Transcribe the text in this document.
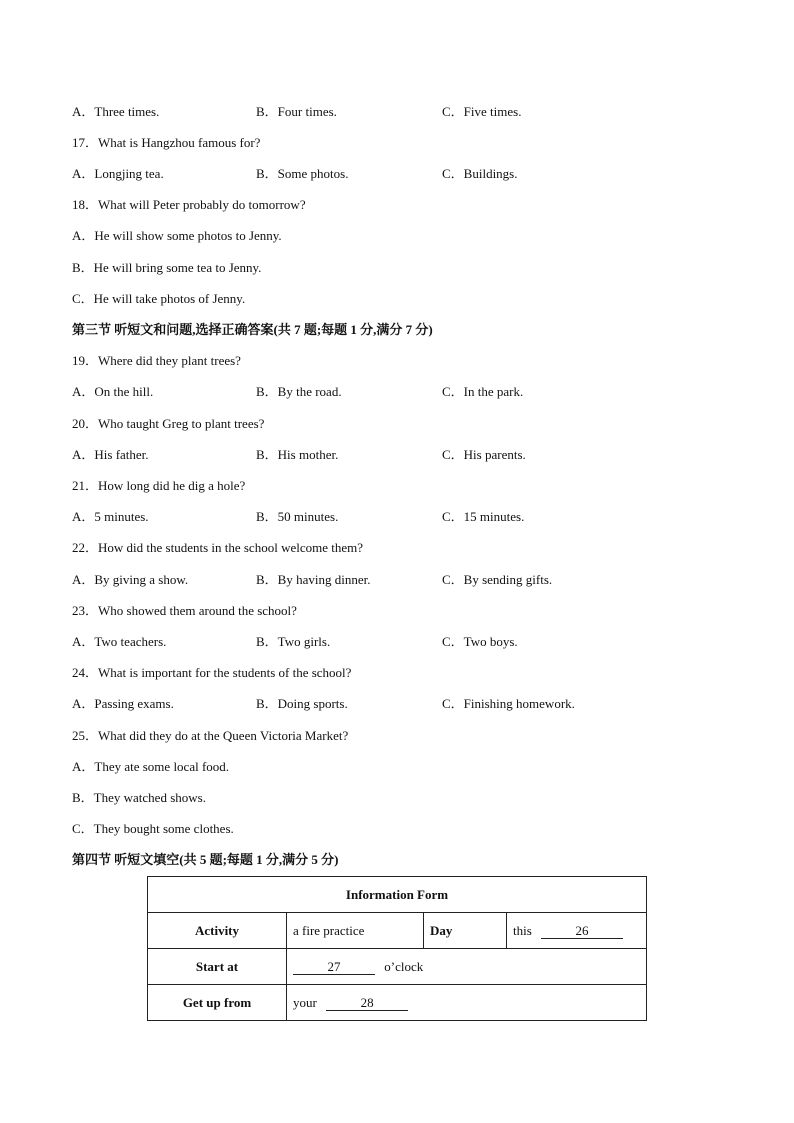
A．Three times.	B．Four times.	C．Five times.
17．What is Hangzhou famous for?
A．Longjing tea.	B．Some photos.	C．Buildings.
18．What will Peter probably do tomorrow?
A．He will show some photos to Jenny.
B．He will bring some tea to Jenny.
C．He will take photos of Jenny.
第三节 听短文和问题,选择正确答案(共 7 题;每题 1 分,满分 7 分)
19．Where did they plant trees?
A．On the hill.	B．By the road.	C．In the park.
20．Who taught Greg to plant trees?
A．His father.	B．His mother.	C．His parents.
21．How long did he dig a hole?
A．5 minutes.	B．50 minutes.	C．15 minutes.
22．How did the students in the school welcome them?
A．By giving a show.	B．By having dinner.	C．By sending gifts.
23．Who showed them around the school?
A．Two teachers.	B．Two girls.	C．Two boys.
24．What is important for the students of the school?
A．Passing exams.	B．Doing sports.	C．Finishing homework.
25．What did they do at the Queen Victoria Market?
A．They ate some local food.
B．They watched shows.
C．They bought some clothes.
第四节 听短文填空(共 5 题;每题 1 分,满分 5 分)
Information Form			
Activity	a fire practice	Day	this 26
Start at	27 o’clock		
Get up from	your 28		
